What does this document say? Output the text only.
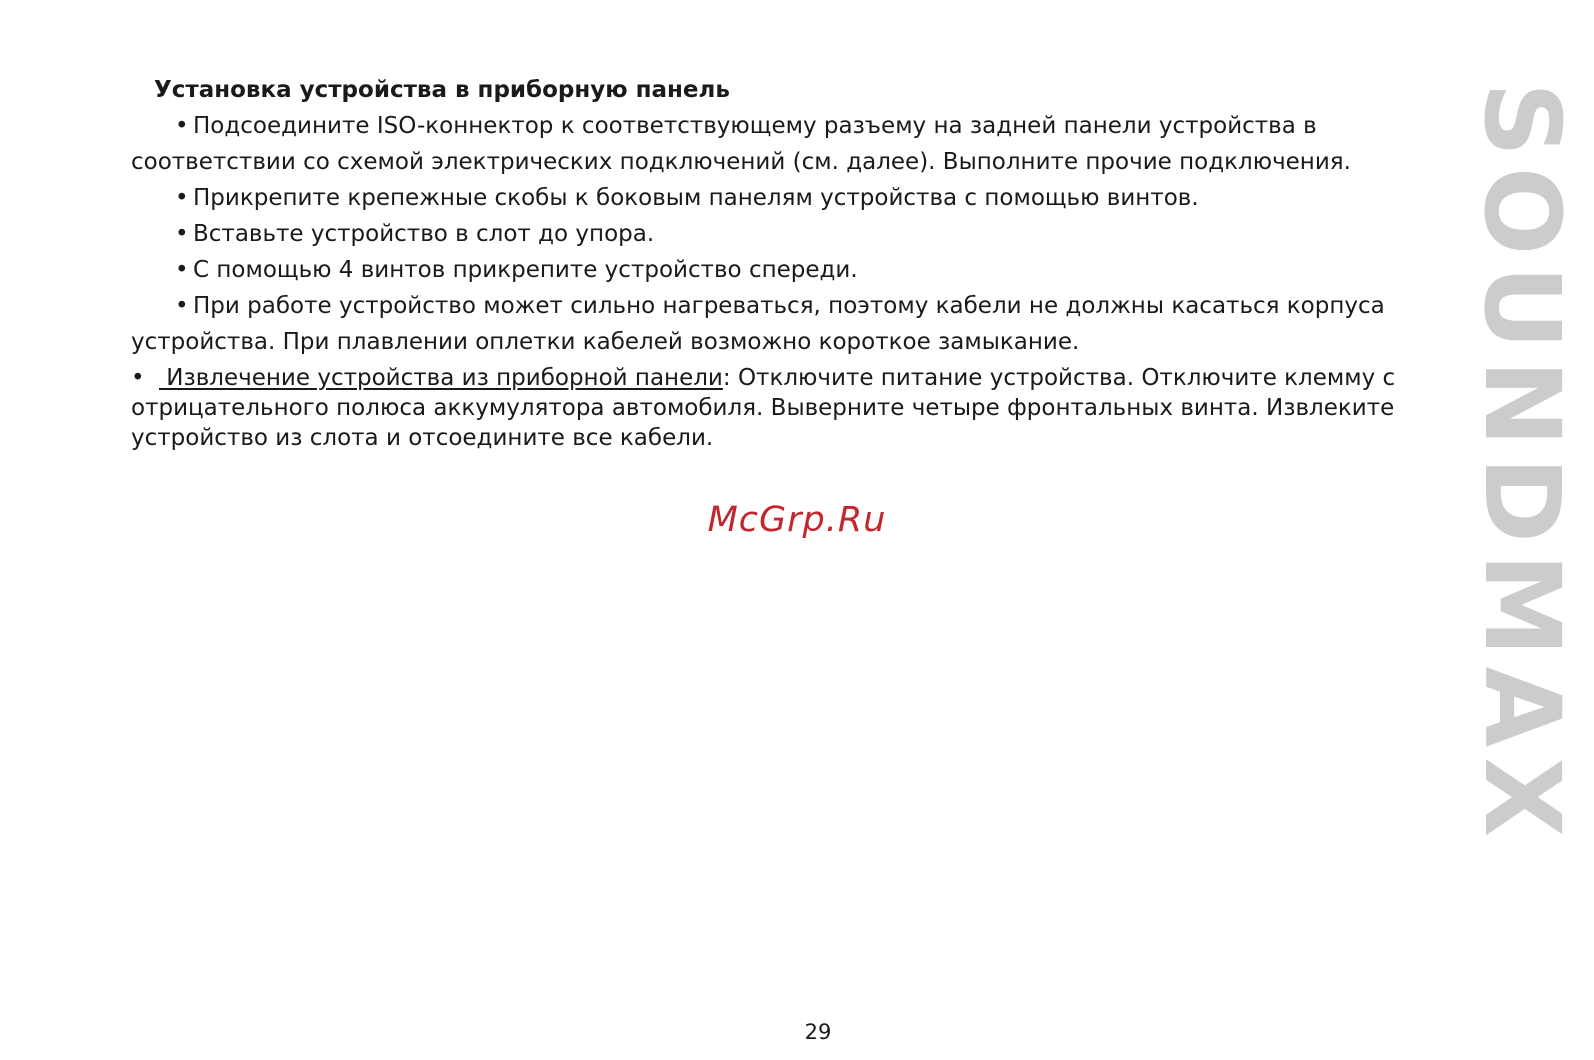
Установка устройства в приборную панель

• Подсоедините ISO-коннектор к соответствующему разъему на задней панели устройства в соответствии со схемой электрических подключений (см. далее). Выполните прочие подключения.

• Прикрепите крепежные скобы к боковым панелям устройства с помощью винтов.

• Вставьте устройство в слот до упора.

• С помощью 4 винтов прикрепите устройство спереди.

• При работе устройство может сильно нагреваться, поэтому кабели не должны касаться корпуса устройства. При плавлении оплетки кабелей возможно короткое замыкание.

• Извлечение устройства из приборной панели: Отключите питание устройства. Отключите клемму с отрицательного полюса аккумулятора автомобиля. Выверните четыре фронтальных винта. Извлеките устройство из слота и отсоедините все кабели.

McGrp.Ru	SOUNDMAX
29
